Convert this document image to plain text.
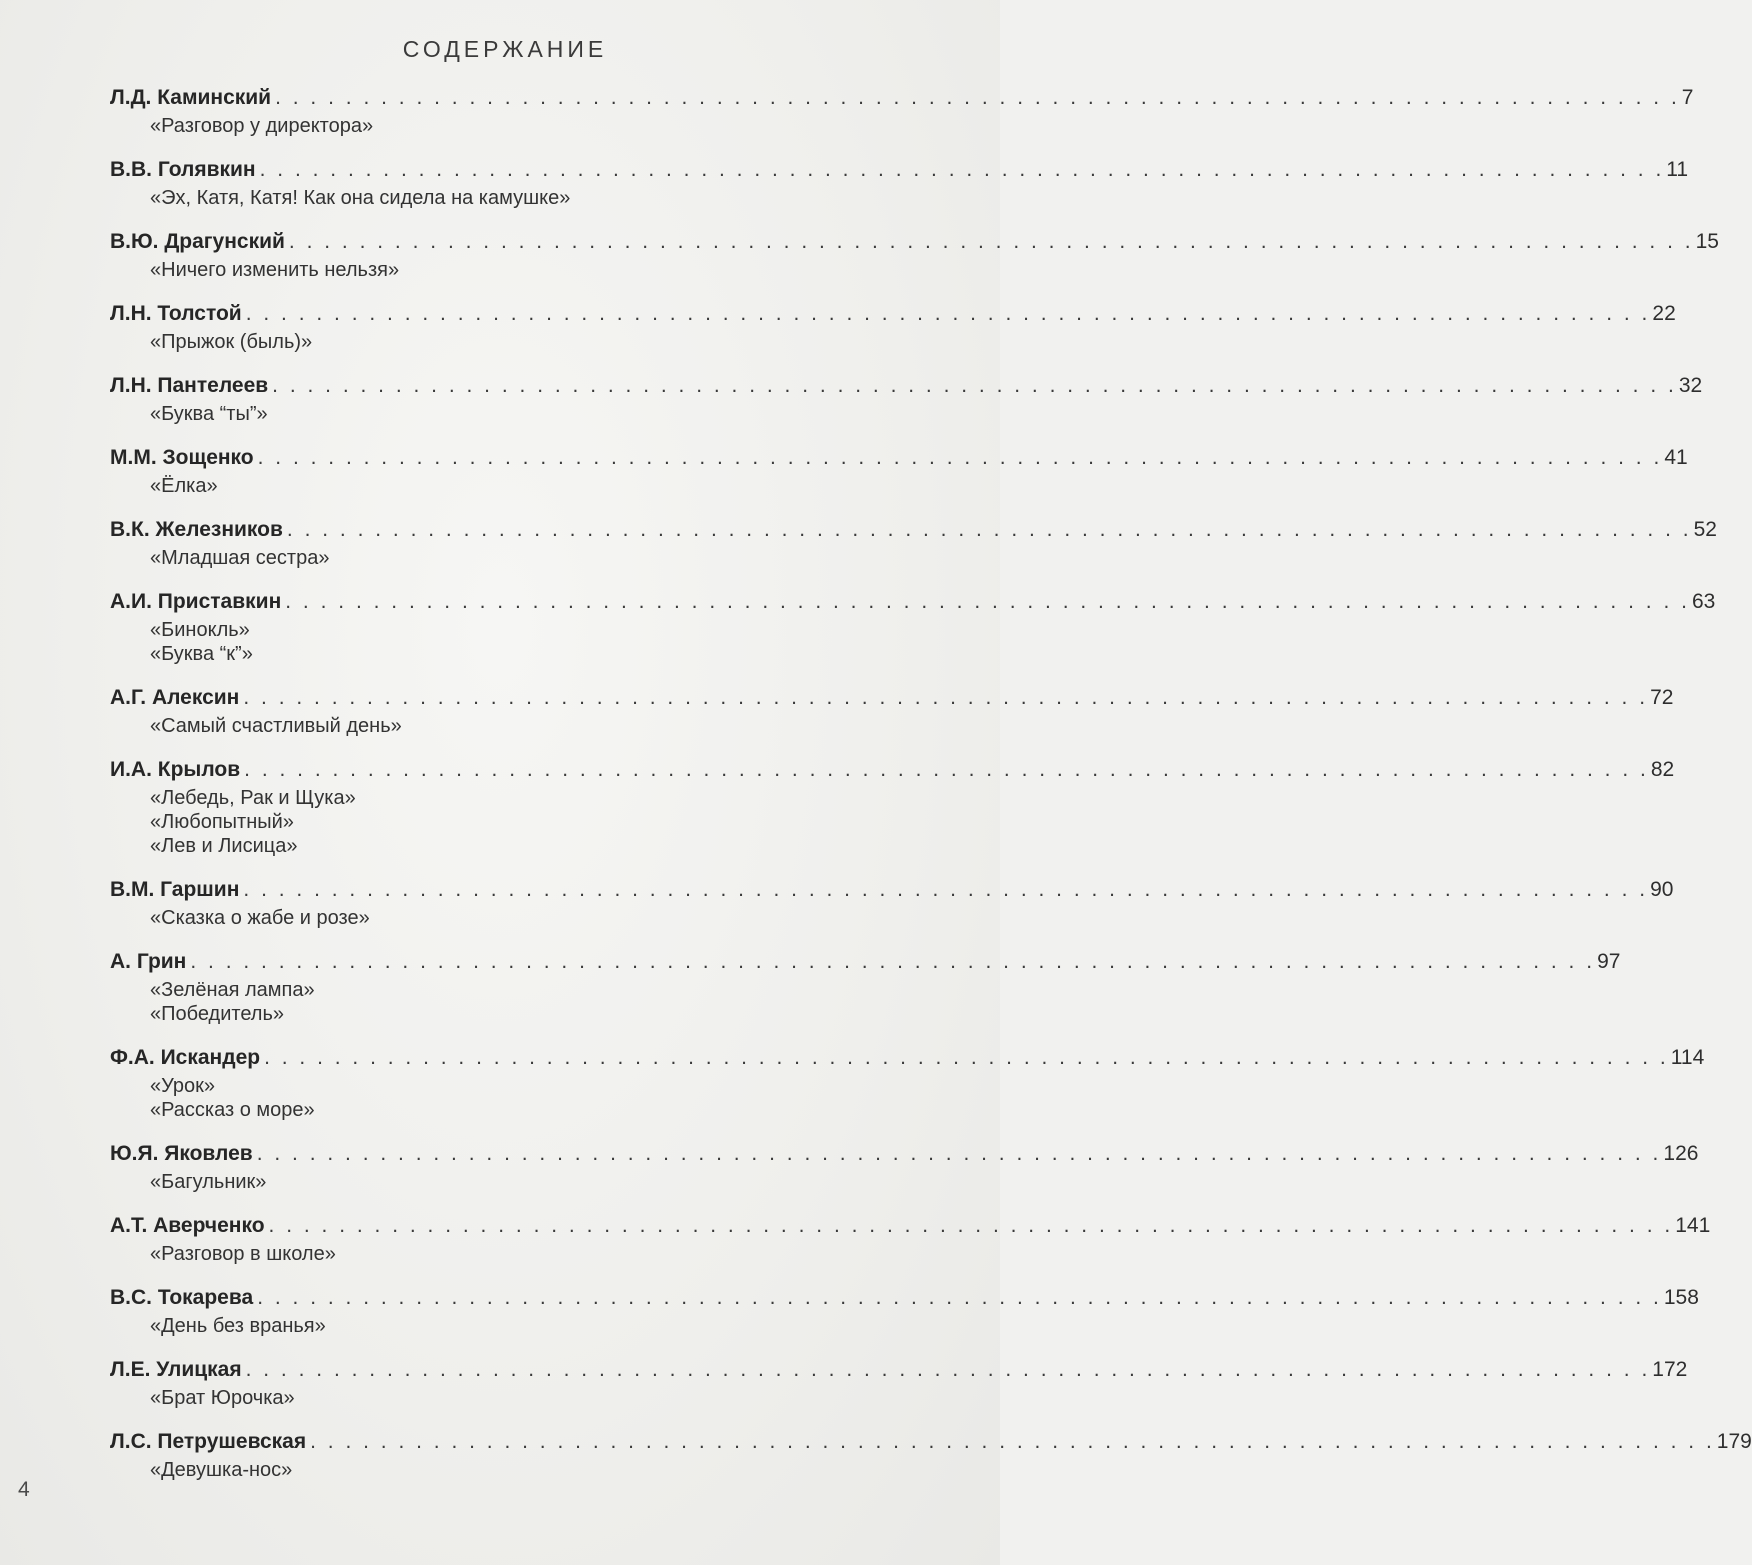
СОДЕРЖАНИЕ
Л.Д. Каминский . . . . . . . . . . . . . . . . . . . . . . . . . . . . . . . . . . . . . . . . . . . . . . . . . . . . . . . . . . . . . . . . . . . . . . . . . . . . . . . . 7
«Разговор у директора»
В.В. Голявкин . . . . . . . . . . . . . . . . . . . . . . . . . . . . . . . . . . . . . . . . . . . . . . . . . . . . . . . . . . . . . . . . . . . . . . . . . . . . . . . . 11
«Эх, Катя, Катя! Как она сидела на камушке»
В.Ю. Драгунский . . . . . . . . . . . . . . . . . . . . . . . . . . . . . . . . . . . . . . . . . . . . . . . . . . . . . . . . . . . . . . . . . . . . . . . . . . . . . . . . 15
«Ничего изменить нельзя»
Л.Н. Толстой . . . . . . . . . . . . . . . . . . . . . . . . . . . . . . . . . . . . . . . . . . . . . . . . . . . . . . . . . . . . . . . . . . . . . . . . . . . . . . . . 22
«Прыжок (быль)»
Л.Н. Пантелеев . . . . . . . . . . . . . . . . . . . . . . . . . . . . . . . . . . . . . . . . . . . . . . . . . . . . . . . . . . . . . . . . . . . . . . . . . . . . . . . . 32
«Буква “ты”»
М.М. Зощенко . . . . . . . . . . . . . . . . . . . . . . . . . . . . . . . . . . . . . . . . . . . . . . . . . . . . . . . . . . . . . . . . . . . . . . . . . . . . . . . . 41
«Ёлка»
В.К. Железников . . . . . . . . . . . . . . . . . . . . . . . . . . . . . . . . . . . . . . . . . . . . . . . . . . . . . . . . . . . . . . . . . . . . . . . . . . . . . . . . 52
«Младшая сестра»
А.И. Приставкин . . . . . . . . . . . . . . . . . . . . . . . . . . . . . . . . . . . . . . . . . . . . . . . . . . . . . . . . . . . . . . . . . . . . . . . . . . . . . . . . 63
«Бинокль»
«Буква “к”»
А.Г. Алексин . . . . . . . . . . . . . . . . . . . . . . . . . . . . . . . . . . . . . . . . . . . . . . . . . . . . . . . . . . . . . . . . . . . . . . . . . . . . . . . . 72
«Самый счастливый день»
И.А. Крылов . . . . . . . . . . . . . . . . . . . . . . . . . . . . . . . . . . . . . . . . . . . . . . . . . . . . . . . . . . . . . . . . . . . . . . . . . . . . . . . . 82
«Лебедь, Рак и Щука»
«Любопытный»
«Лев и Лисица»
В.М. Гаршин . . . . . . . . . . . . . . . . . . . . . . . . . . . . . . . . . . . . . . . . . . . . . . . . . . . . . . . . . . . . . . . . . . . . . . . . . . . . . . . . 90
«Сказка о жабе и розе»
А. Грин . . . . . . . . . . . . . . . . . . . . . . . . . . . . . . . . . . . . . . . . . . . . . . . . . . . . . . . . . . . . . . . . . . . . . . . . . . . . . . . . 97
«Зелёная лампа»
«Победитель»
Ф.А. Искандер . . . . . . . . . . . . . . . . . . . . . . . . . . . . . . . . . . . . . . . . . . . . . . . . . . . . . . . . . . . . . . . . . . . . . . . . . . . . . . . . 114
«Урок»
«Рассказ о море»
Ю.Я. Яковлев . . . . . . . . . . . . . . . . . . . . . . . . . . . . . . . . . . . . . . . . . . . . . . . . . . . . . . . . . . . . . . . . . . . . . . . . . . . . . . . . 126
«Багульник»
А.Т. Аверченко . . . . . . . . . . . . . . . . . . . . . . . . . . . . . . . . . . . . . . . . . . . . . . . . . . . . . . . . . . . . . . . . . . . . . . . . . . . . . . . . 141
«Разговор в школе»
В.С. Токарева . . . . . . . . . . . . . . . . . . . . . . . . . . . . . . . . . . . . . . . . . . . . . . . . . . . . . . . . . . . . . . . . . . . . . . . . . . . . . . . . 158
«День без вранья»
Л.Е. Улицкая . . . . . . . . . . . . . . . . . . . . . . . . . . . . . . . . . . . . . . . . . . . . . . . . . . . . . . . . . . . . . . . . . . . . . . . . . . . . . . . . 172
«Брат Юрочка»
Л.С. Петрушевская . . . . . . . . . . . . . . . . . . . . . . . . . . . . . . . . . . . . . . . . . . . . . . . . . . . . . . . . . . . . . . . . . . . . . . . . . . . . . . . . 179
«Девушка-нос»
4
